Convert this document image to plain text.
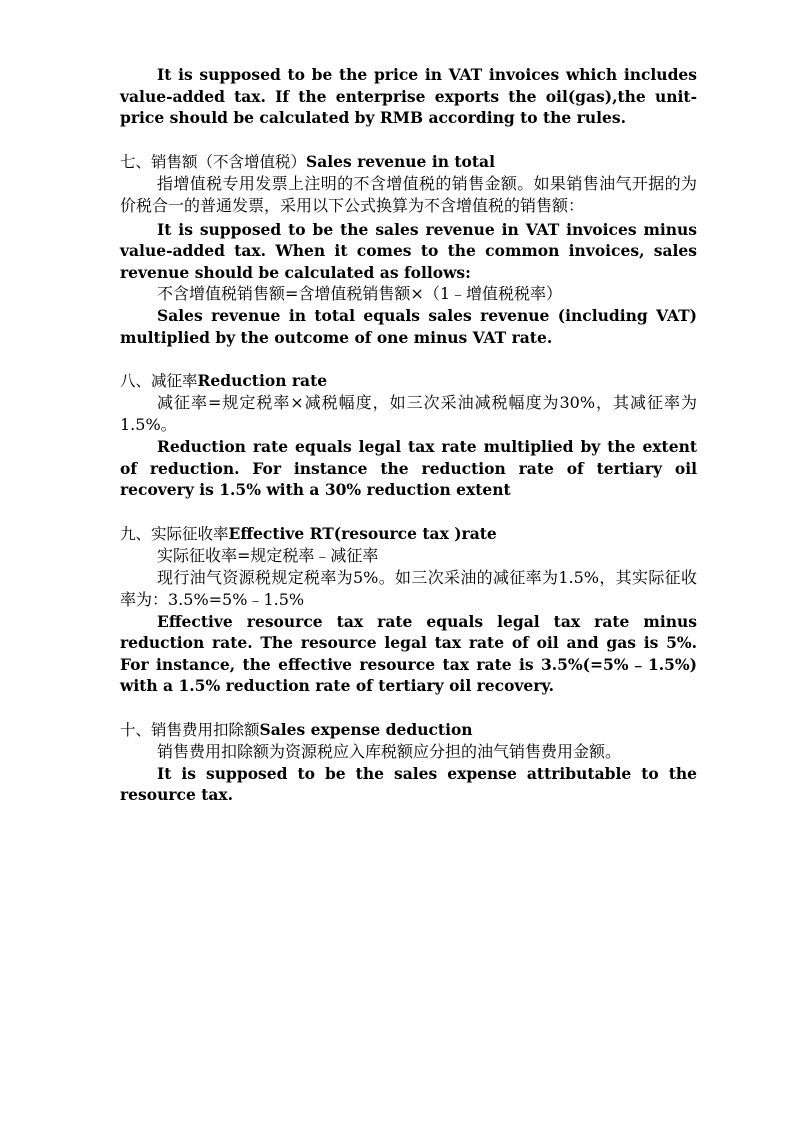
It is supposed to be the price in VAT invoices which includes value-added tax. If the enterprise exports the oil(gas),the unit-price should be calculated by RMB according to the rules.

七、销售额（不含增值税）Sales revenue in total

指增值税专用发票上注明的不含增值税的销售金额。如果销售油气开据的为价税合一的普通发票，采用以下公式换算为不含增值税的销售额：

It is supposed to be the sales revenue in VAT invoices minus value-added tax. When it comes to the common invoices, sales revenue should be calculated as follows:

不含增值税销售额=含增值税销售额×（1﹣增值税税率）

Sales revenue in total equals sales revenue (including VAT) multiplied by the outcome of one minus VAT rate.

八、减征率Reduction rate

减征率=规定税率×减税幅度，如三次采油减税幅度为30%，其减征率为1.5%。

Reduction rate equals legal tax rate multiplied by the extent of reduction. For instance the reduction rate of tertiary oil recovery is 1.5% with a 30% reduction extent

九、实际征收率Effective RT(resource tax )rate

实际征收率=规定税率﹣减征率

现行油气资源税规定税率为5%。如三次采油的减征率为1.5%，其实际征收率为：3.5%=5%﹣1.5%

Effective resource tax rate equals legal tax rate minus reduction rate. The resource legal tax rate of oil and gas is 5%. For instance, the effective resource tax rate is 3.5%(=5%﹣1.5%) with a 1.5% reduction rate of tertiary oil recovery.

十、销售费用扣除额Sales expense deduction

销售费用扣除额为资源税应入库税额应分担的油气销售费用金额。

It is supposed to be the sales expense attributable to the resource tax.
